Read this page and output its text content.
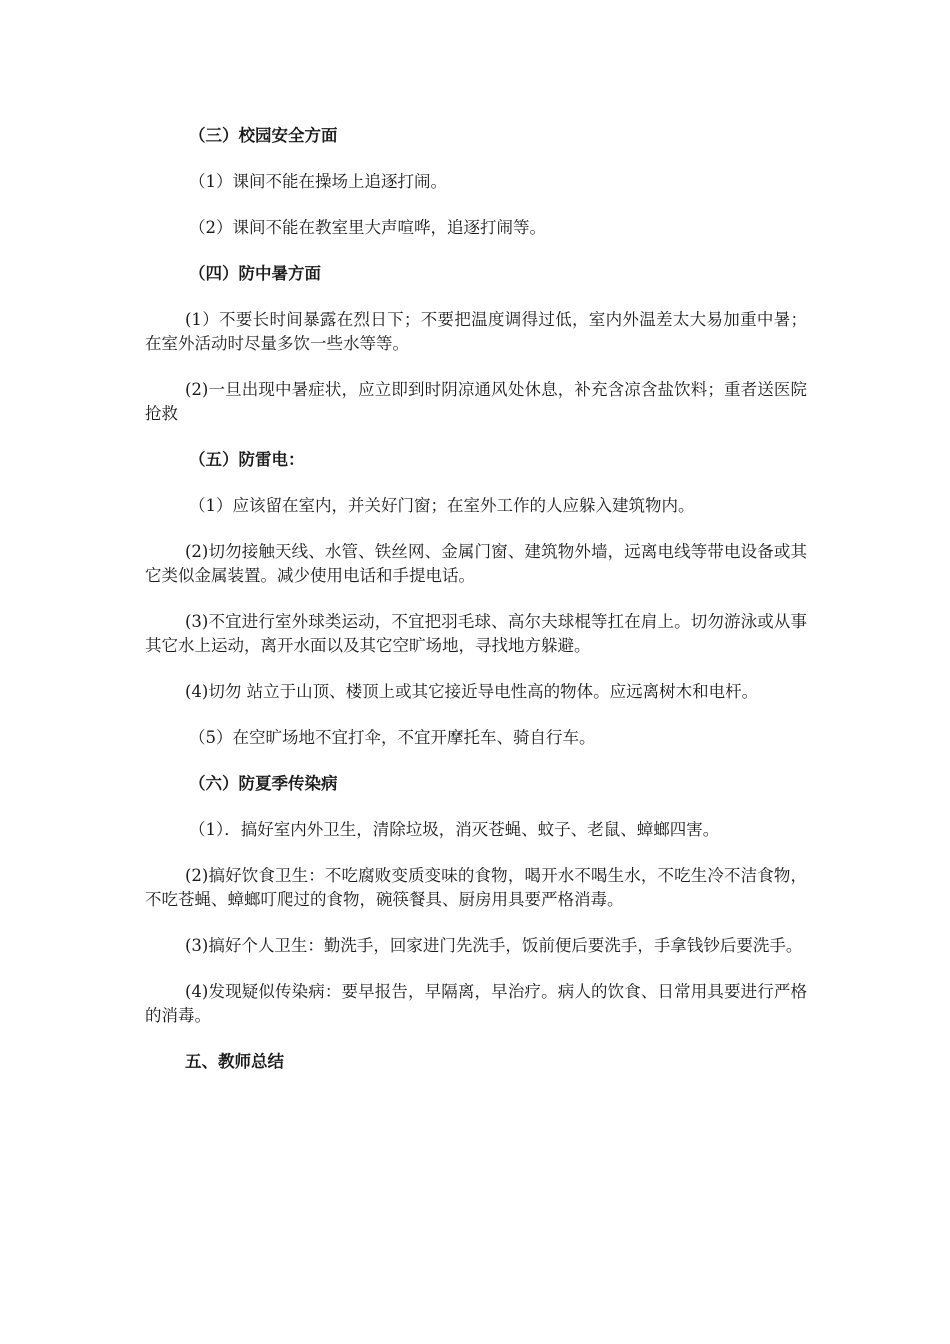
（三）校园安全方面

（1）课间不能在操场上追逐打闹。

（2）课间不能在教室里大声喧哗，追逐打闹等。

（四）防中暑方面

(1）不要长时间暴露在烈日下；不要把温度调得过低，室内外温差太大易加重中暑；在室外活动时尽量多饮一些水等等。

(2)一旦出现中暑症状，应立即到时阴凉通风处休息，补充含凉含盐饮料；重者送医院抢救

（五）防雷电：

（1）应该留在室内，并关好门窗；在室外工作的人应躲入建筑物内。

(2)切勿接触天线、水管、铁丝网、金属门窗、建筑物外墙，远离电线等带电设备或其它类似金属装置。减少使用电话和手提电话。

(3)不宜进行室外球类运动，不宜把羽毛球、高尔夫球棍等扛在肩上。切勿游泳或从事其它水上运动，离开水面以及其它空旷场地，寻找地方躲避。

(4)切勿 站立于山顶、楼顶上或其它接近导电性高的物体。应远离树木和电杆。

（5）在空旷场地不宜打伞，不宜开摩托车、骑自行车。

（六）防夏季传染病

（1）．搞好室内外卫生，清除垃圾，消灭苍蝇、蚊子、老鼠、蟑螂四害。

(2)搞好饮食卫生：不吃腐败变质变味的食物，喝开水不喝生水，不吃生冷不洁食物，不吃苍蝇、蟑螂叮爬过的食物，碗筷餐具、厨房用具要严格消毒。

(3)搞好个人卫生：勤洗手，回家进门先洗手，饭前便后要洗手，手拿钱钞后要洗手。

(4)发现疑似传染病：要早报告，早隔离，早治疗。病人的饮食、日常用具要进行严格的消毒。

五、教师总结
